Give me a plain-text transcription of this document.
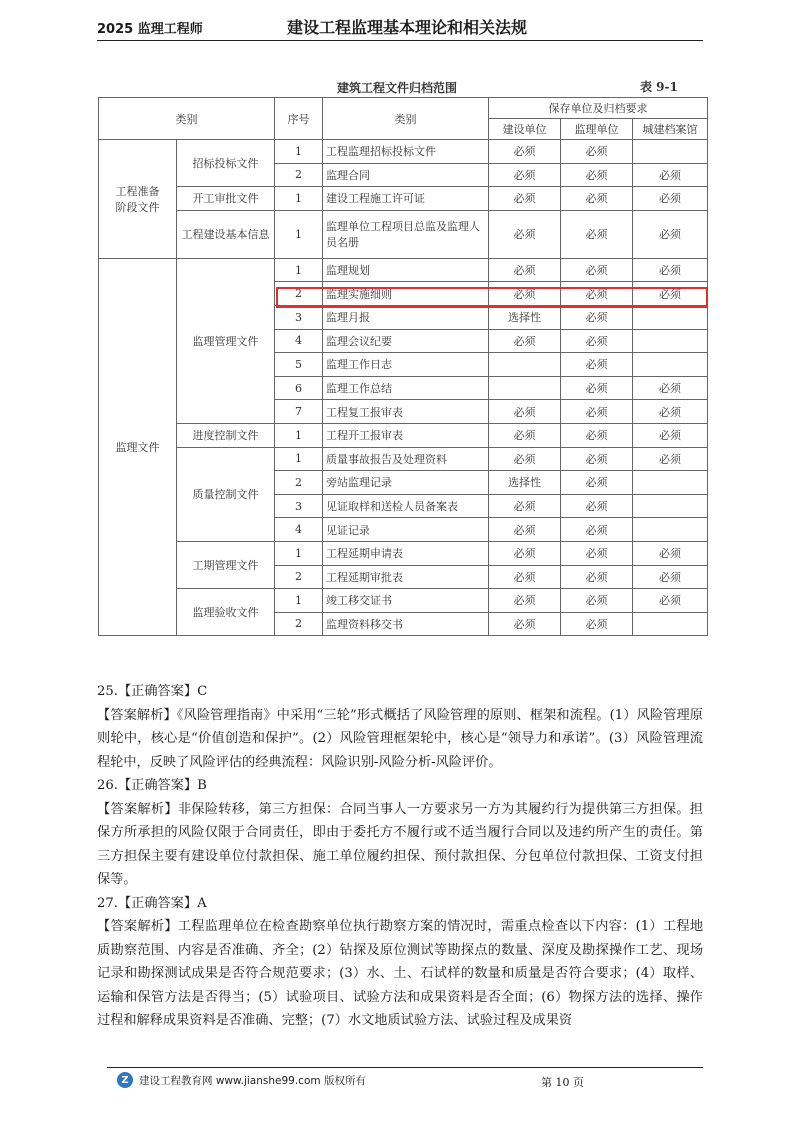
2025 监理工程师	建设工程监理基本理论和相关法规
建筑工程文件归档范围	表 9-1
类别		序号	类别	保存单位及归档要求		
				建设单位	监理单位	城建档案馆
工程准备
阶段文件	招标投标文件	1	工程监理招标投标文件	必须	必须	
		2	监理合同	必须	必须	必须
	开工审批文件	1	建设工程施工许可证	必须	必须	必须
	工程建设基本信息	1	监理单位工程项目总监及监理人员名册	必须	必须	必须
监理文件	监理管理文件	1	监理规划	必须	必须	必须
		2	监理实施细则	必须	必须	必须
		3	监理月报	选择性	必须	
		4	监理会议纪要	必须	必须	
		5	监理工作日志		必须	
		6	监理工作总结		必须	必须
		7	工程复工报审表	必须	必须	必须
	进度控制文件	1	工程开工报审表	必须	必须	必须
	质量控制文件	1	质量事故报告及处理资料	必须	必须	必须
		2	旁站监理记录	选择性	必须	
		3	见证取样和送检人员备案表	必须	必须	
		4	见证记录	必须	必须	
	工期管理文件	1	工程延期申请表	必须	必须	必须
		2	工程延期审批表	必须	必须	必须
	监理验收文件	1	竣工移交证书	必须	必须	必须
		2	监理资料移交书	必须	必须	

25.【正确答案】C

【答案解析】《风险管理指南》中采用“三轮”形式概括了风险管理的原则、框架和流程。(1）风险管理原则轮中，核心是“价值创造和保护”。(2）风险管理框架轮中，核心是“领导力和承诺”。(3）风险管理流程轮中，反映了风险评估的经典流程：风险识别-风险分析-风险评价。

26.【正确答案】B

【答案解析】非保险转移，第三方担保：合同当事人一方要求另一方为其履约行为提供第三方担保。担保方所承担的风险仅限于合同责任，即由于委托方不履行或不适当履行合同以及违约所产生的责任。第三方担保主要有建设单位付款担保、施工单位履约担保、预付款担保、分包单位付款担保、工资支付担保等。

27.【正确答案】A

【答案解析】工程监理单位在检查勘察单位执行勘察方案的情况时，需重点检查以下内容：(1）工程地质勘察范围、内容是否准确、齐全；(2）钻探及原位测试等勘探点的数量、深度及勘探操作工艺、现场记录和勘探测试成果是否符合规范要求；(3）水、土、石试样的数量和质量是否符合要求；(4）取样、运输和保管方法是否得当；(5）试验项目、试验方法和成果资料是否全面；(6）物探方法的选择、操作过程和解释成果资料是否准确、完整；(7）水文地质试验方法、试验过程及成果资

Z 建设工程教育网 www.jianshe99.com 版权所有	第 10 页
